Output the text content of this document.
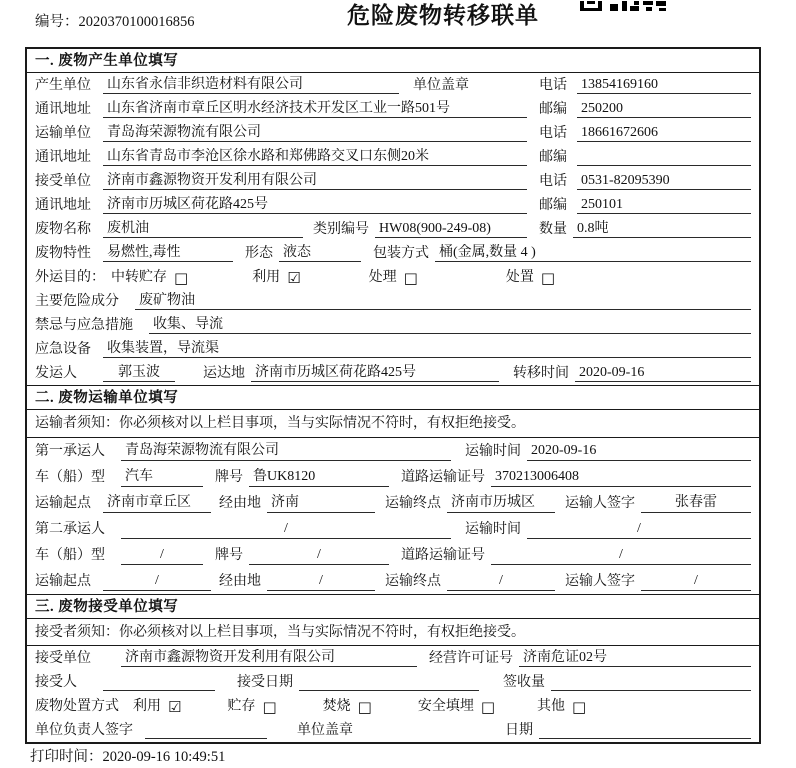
编号：2020370100016856	危险废物转移联单
一. 废物产生单位填写
产生单位	山东省永信非织造材料有限公司	单位盖章	电话 13854169160
通讯地址	山东省济南市章丘区明水经济技术开发区工业一路501号	邮编 250200
运输单位	青岛海荣源物流有限公司	电话 18661672606
通讯地址	山东省青岛市李沧区徐水路和郑佛路交叉口东侧20米	邮编
接受单位	济南市鑫源物资开发利用有限公司	电话 0531-82095390
通讯地址	济南市历城区荷花路425号	邮编 250101
废物名称	废机油	类别编号 HW08(900-249-08)	数量 0.8吨
废物特性	易燃性,毒性	形态 液态	包装方式 桶(金属,数量 4 )
外运目的： 中转贮存 □	利用 ☑	处理 □	处置 □
主要危险成分	废矿物油
禁忌与应急措施	收集、导流
应急设备	收集装置，导流渠
发运人	郭玉波	运达地 济南市历城区荷花路425号	转移时间 2020-09-16
二. 废物运输单位填写
运输者须知：你必须核对以上栏目事项，当与实际情况不符时，有权拒绝接受。
第一承运人	青岛海荣源物流有限公司	运输时间 2020-09-16
车（船）型	汽车	牌号 鲁UK8120	道路运输证号 370213006408
运输起点	济南市章丘区	经由地 济南	运输终点 济南市历城区	运输人签字	张春雷
第二承运人	/	运输时间	/
车（船）型	/	牌号	/	道路运输证号	/
运输起点	/	经由地	/	运输终点	/	运输人签字	/
三. 废物接受单位填写
接受者须知：你必须核对以上栏目事项，当与实际情况不符时，有权拒绝接受。
接受单位	济南市鑫源物资开发利用有限公司	经营许可证号 济南危证02号
接受人	接受日期	签收量
废物处置方式	利用 ☑	贮存 □	焚烧 □	安全填埋 □	其他 □
单位负责人签字	单位盖章	日期
打印时间：2020-09-16 10:49:51
